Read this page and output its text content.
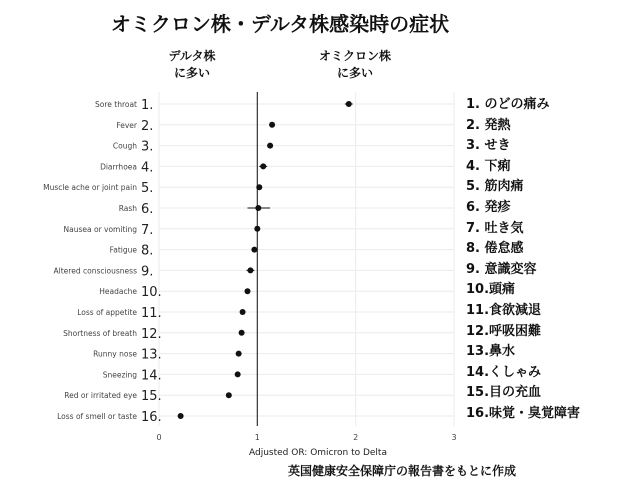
オミクロン株・デルタ株感染時の症状
デルタ株
に多い
オミクロン株
に多い
Sore throat 1.
Fever 2.
Cough 3.
Diarrhoea 4.
Muscle ache or joint pain 5.
Rash 6.
Nausea or vomiting 7.
Fatigue 8.
Altered consciousness 9.
Headache 10.
Loss of appetite 11.
Shortness of breath 12.
Runny nose 13.
Sneezing 14.
Red or irritated eye 15.
Loss of smell or taste 16.
0	1	2	3
Adjusted OR: Omicron to Delta
1. のどの痛み
2. 発熱
3. せき
4. 下痢
5. 筋肉痛
6. 発疹
7. 吐き気
8. 倦怠感
9. 意識変容
10.頭痛
11.食欲減退
12.呼吸困難
13.鼻水
14.くしゃみ
15.目の充血
16.味覚・臭覚障害
英国健康安全保障庁の報告書をもとに作成
